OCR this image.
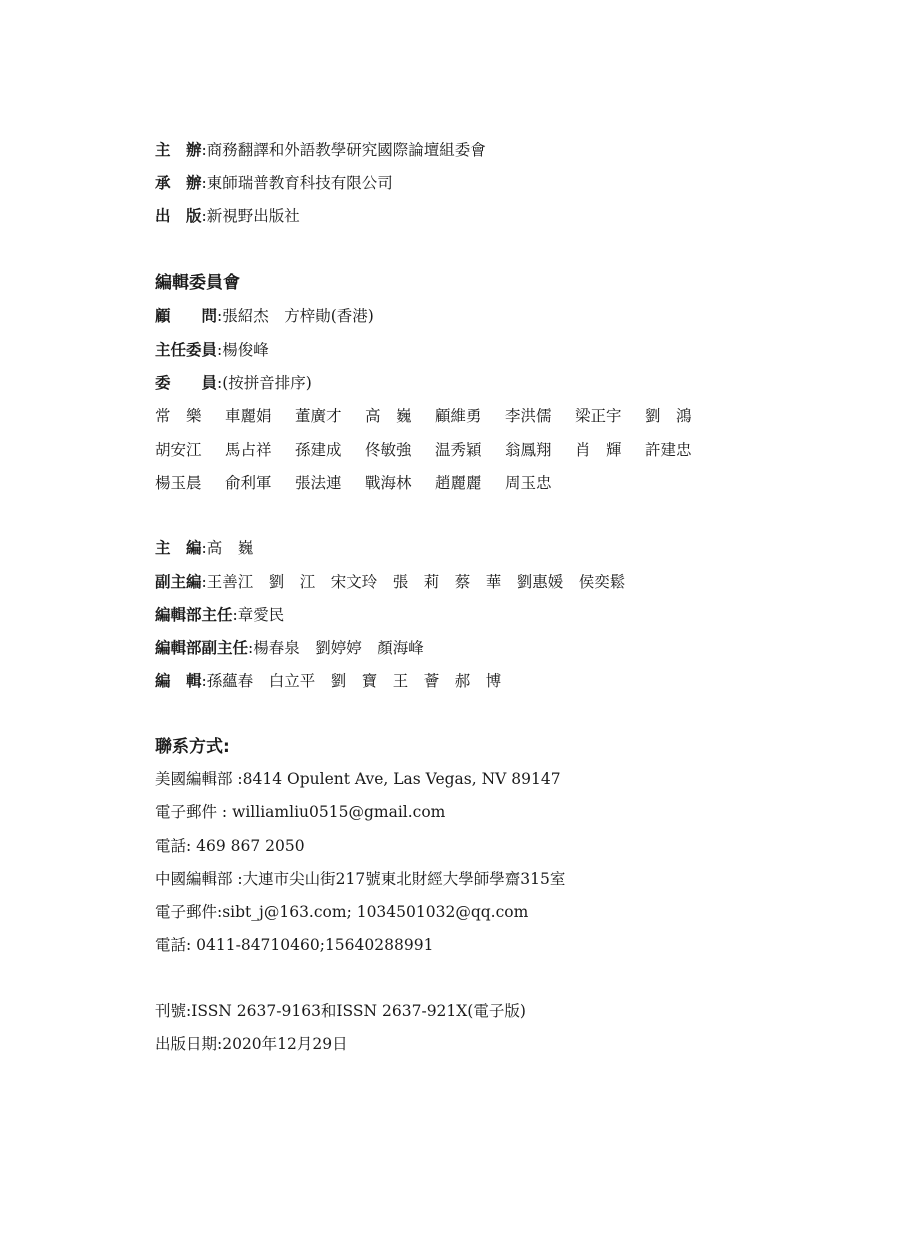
主　辦:商務翻譯和外語教學研究國際論壇組委會
承　辦:東師瑞普教育科技有限公司
出　版:新視野出版社
編輯委員會
顧　　問:張紹杰　方梓勛(香港)
主任委員:楊俊峰
委　　員:(按拼音排序)
常　樂	車麗娟	董廣才	高　巍	顧維勇	李洪儒	梁正宇	劉　鴻
胡安江	馬占祥	孫建成	佟敏強	温秀穎	翁鳳翔	肖　輝	許建忠
楊玉晨	俞利軍	張法連	戰海林	趙麗麗	周玉忠
主　編:高　巍
副主編:王善江　劉　江　宋文玲　張　莉　蔡　華　劉惠媛　侯奕鬆
編輯部主任:章愛民
編輯部副主任:楊春泉　劉婷婷　顏海峰
編　輯:孫蘊春　白立平　劉　寶　王　薈　郝　博
聯系方式:
美國編輯部 :8414 Opulent Ave, Las Vegas, NV 89147
電子郵件 : williamliu0515@gmail.com
電話: 469 867 2050
中國編輯部 :大連市尖山街217號東北財經大學師學齋315室
電子郵件:sibt_j@163.com; 1034501032@qq.com
電話: 0411-84710460;15640288991
刊號:ISSN 2637-9163和ISSN 2637-921X(電子版)
出版日期:2020年12月29日
